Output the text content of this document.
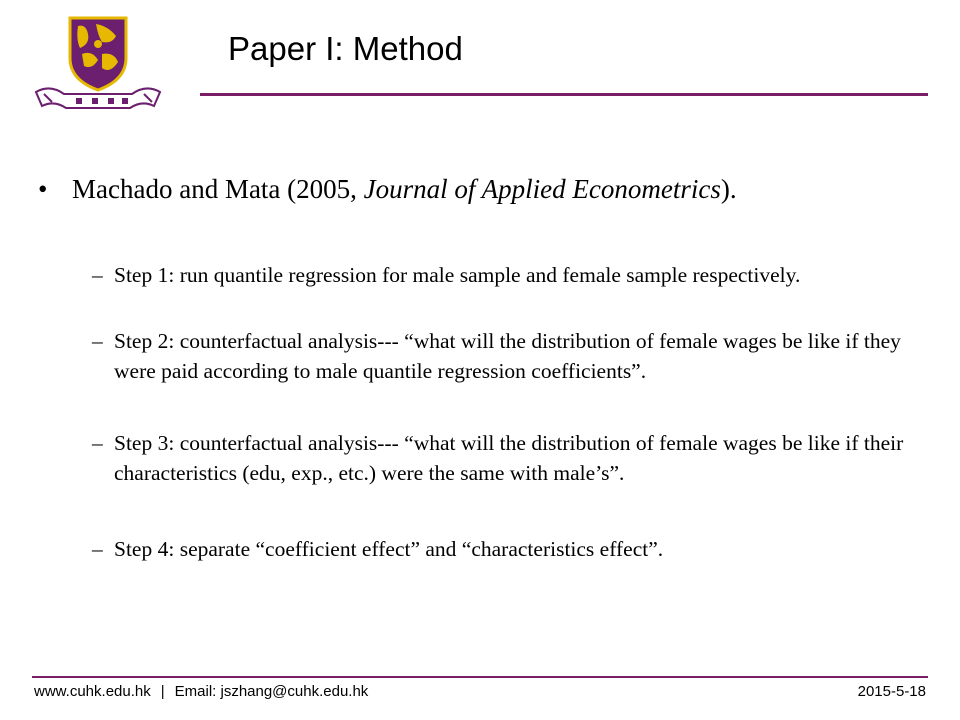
Paper I: Method
• Machado and Mata (2005, Journal of Applied Econometrics).
– Step 1: run quantile regression for male sample and female sample respectively.
– Step 2: counterfactual analysis--- “what will the distribution of female wages be like if they were paid according to male quantile regression coefficients”.
– Step 3: counterfactual analysis--- “what will the distribution of female wages be like if their characteristics (edu, exp., etc.) were the same with male’s”.
– Step 4: separate “coefficient effect” and “characteristics effect”.
www.cuhk.edu.hk | Email: jszhang@cuhk.edu.hk	2015-5-18
